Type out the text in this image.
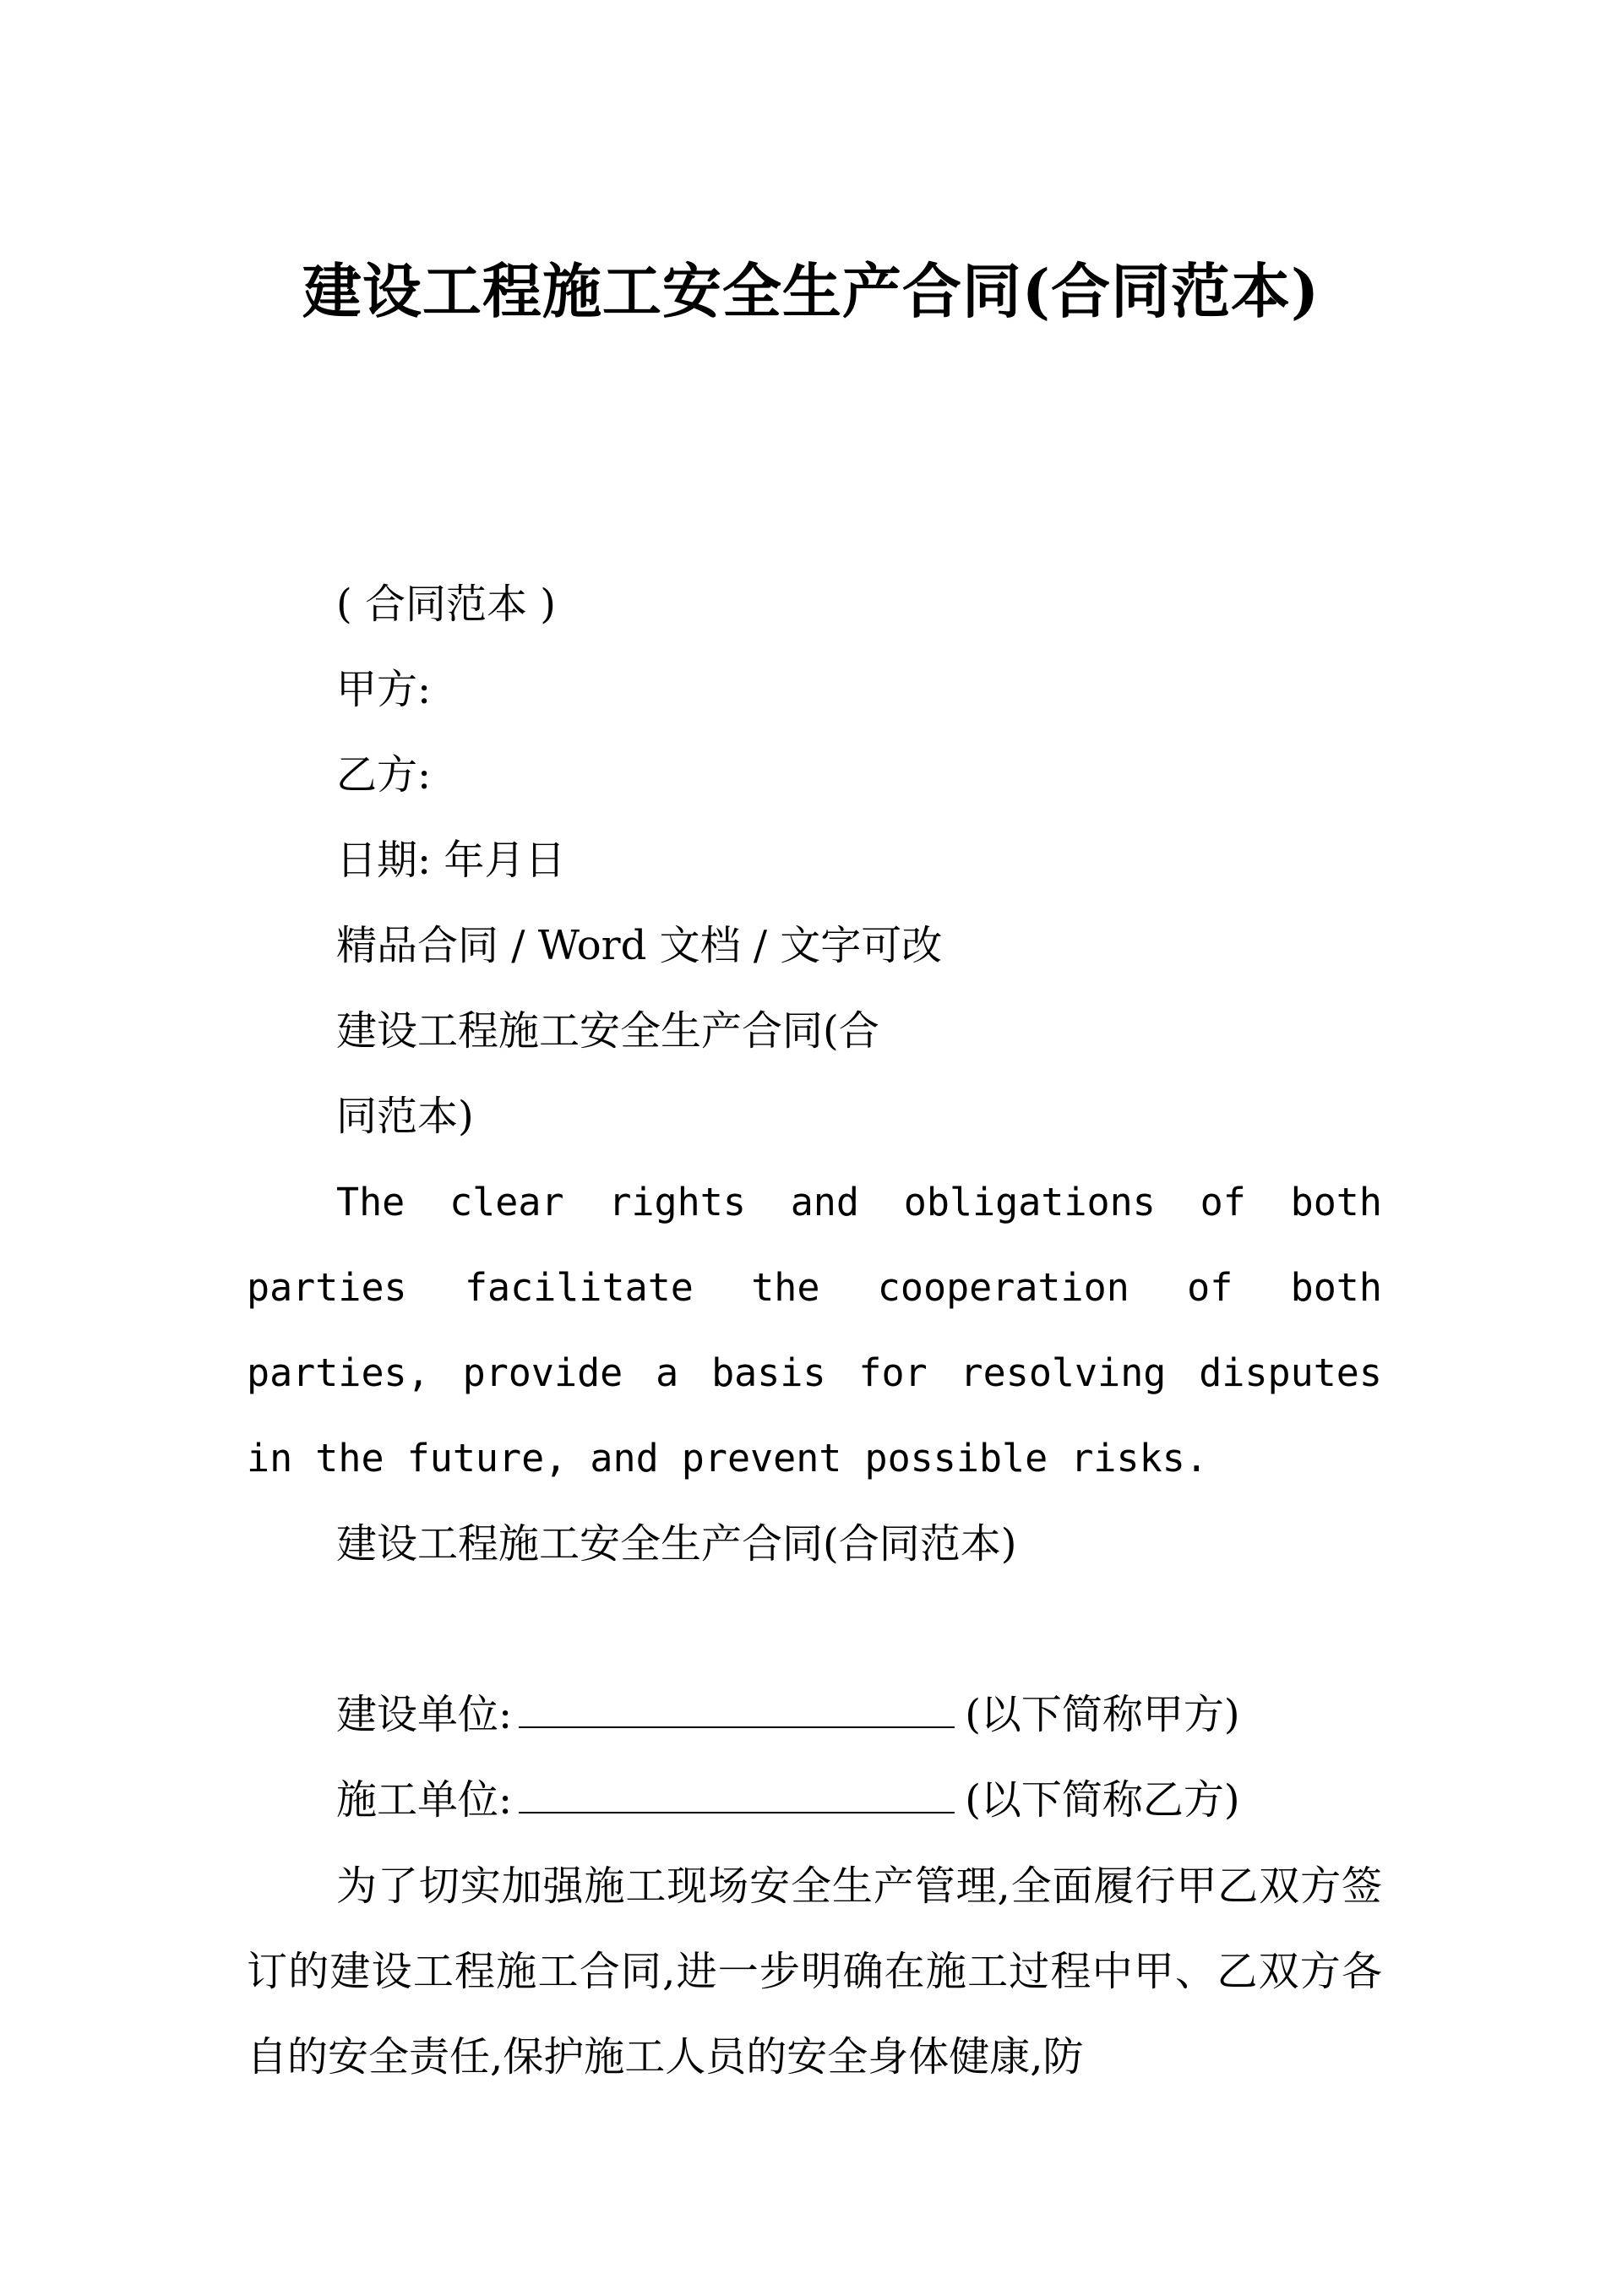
建设工程施工安全生产合同(合同范本)
( 合同范本 )
甲方:
乙方:
日期: 年月日
精品合同 / Word 文档 / 文字可改
建设工程施工安全生产合同(合
同范本)
The clear rights and obligations of both parties facilitate the cooperation of both parties, provide a basis for resolving disputes in the future, and prevent possible risks.
建设工程施工安全生产合同(合同范本)
建设单位:	(以下简称甲方)
施工单位:	(以下简称乙方)
为了切实加强施工现场安全生产管理,全面履行甲乙双方签订的建设工程施工合同,进一步明确在施工过程中甲、乙双方各自的安全责任,保护施工人员的安全身体健康,防
